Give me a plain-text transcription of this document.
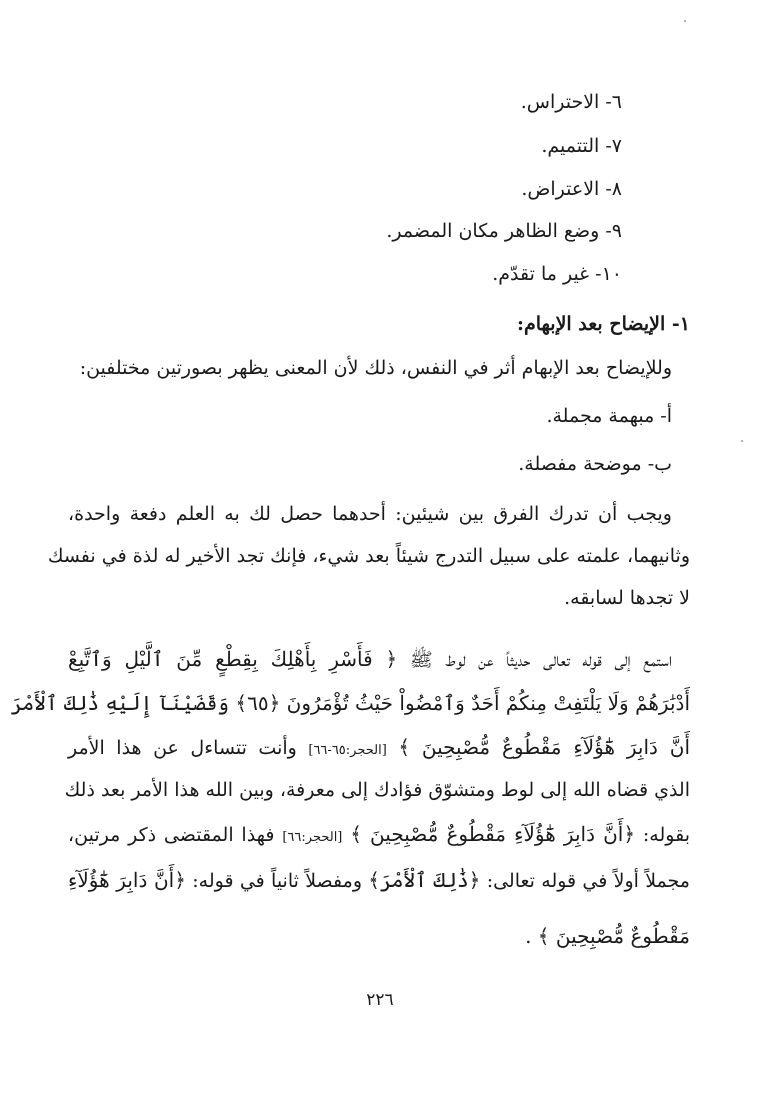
٦- الاحتراس.
٧- التتميم.
٨- الاعتراض.
٩- وضع الظاهر مكان المضمر.
١٠- غير ما تقدّم.
١- الإيضاح بعد الإبهام:
وللإيضاح بعد الإبهام أثر في النفس، ذلك لأن المعنى يظهر بصورتين مختلفين:
أ- مبهمة مجملة.
ب- موضحة مفصلة.
ويجب أن تدرك الفرق بين شيئين: أحدهما حصل لك به العلم دفعة واحدة،
وثانيهما، علمته على سبيل التدرج شيئاً بعد شيء، فإنك تجد الأخير له لذة في نفسك
لا تجدها لسابقه.
استمع إلى قوله تعالى حديثاً عن لوط ﷺ ﴿ فَأَسْرِ بِأَهْلِكَ بِقِطْعٍ مِّنَ ٱلَّيْلِ وَٱتَّبِعْ
أَدْبَٰرَهُمْ وَلَا يَلْتَفِتْ مِنكُمْ أَحَدٌ وَٱمْضُواْ حَيْثُ تُؤْمَرُونَ ﴿٦٥﴾ وَقَضَيْنَآ إِلَيْهِ ذَٰلِكَ ٱلْأَمْرَ
أَنَّ دَابِرَ هَٰٓؤُلَآءِ مَقْطُوعٌ مُّصْبِحِينَ ﴾ [الحجر:٦٥-٦٦] وأنت تتساءل عن هذا الأمر
الذي قضاه الله إلى لوط ومتشوّق فؤادك إلى معرفة، وبين الله هذا الأمر بعد ذلك
بقوله: ﴿أَنَّ دَابِرَ هَٰٓؤُلَآءِ مَقْطُوعٌ مُّصْبِحِينَ ﴾ [الحجر:٦٦] فهذا المقتضى ذكر مرتين،
مجملاً أولاً في قوله تعالى: ﴿ذَٰلِكَ ٱلْأَمْرَ﴾ ومفصلاً ثانياً في قوله: ﴿أَنَّ دَابِرَ هَٰٓؤُلَآءِ
مَقْطُوعٌ مُّصْبِحِينَ ﴾ .
٢٢٦
